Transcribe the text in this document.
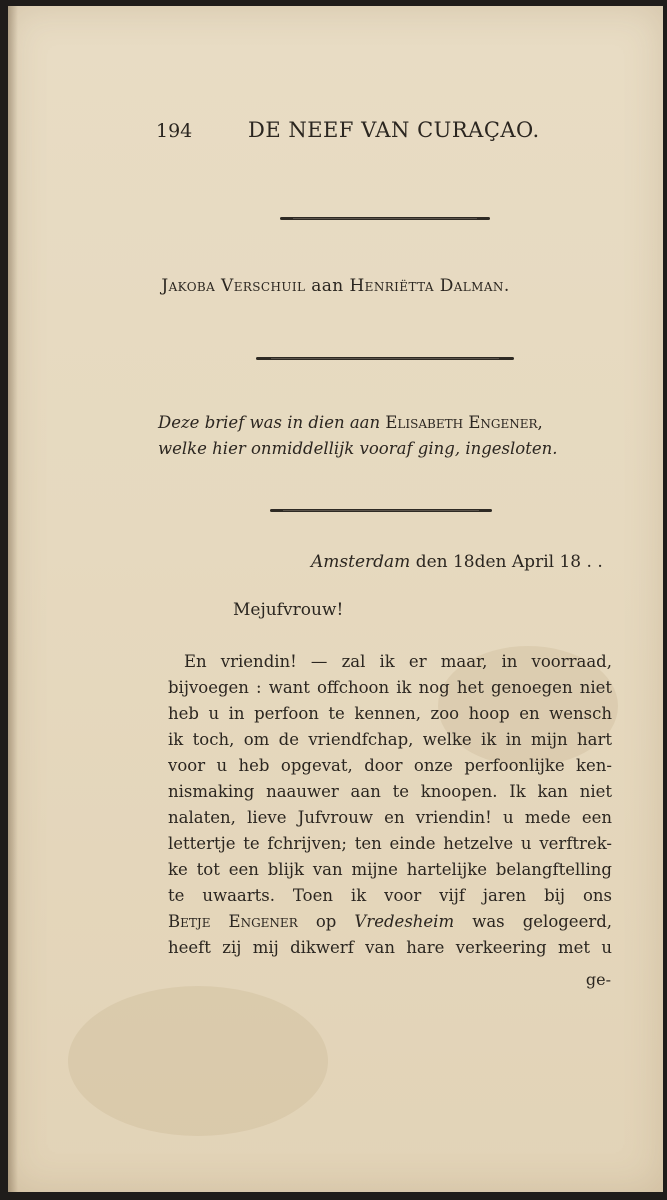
194	DE NEEF VAN CURAÇAO.
Jakoba Verschuil aan Henriëtta Dalman.
Deze brief was in dien aan Elisabeth Engener,
welke hier onmiddellijk vooraf ging, ingesloten.
Amsterdam den 18den April 18 . .
Mejufvrouw!
En vriendin! — zal ik er maar, in voorraad,
bijvoegen : want offchoon ik nog het genoegen niet
heb u in perfoon te kennen, zoo hoop en wensch
ik toch, om de vriendfchap, welke ik in mijn hart
voor u heb opgevat, door onze perfoonlijke ken-
nismaking naauwer aan te knoopen. Ik kan niet
nalaten, lieve Jufvrouw en vriendin! u mede een
lettertje te fchrijven; ten einde hetzelve u verftrek-
ke tot een blijk van mijne hartelijke belangftelling
te uwaarts. Toen ik voor vijf jaren bij ons
Betje Engener op Vredesheim was gelogeerd,
heeft zij mij dikwerf van hare verkeering met u
ge-
